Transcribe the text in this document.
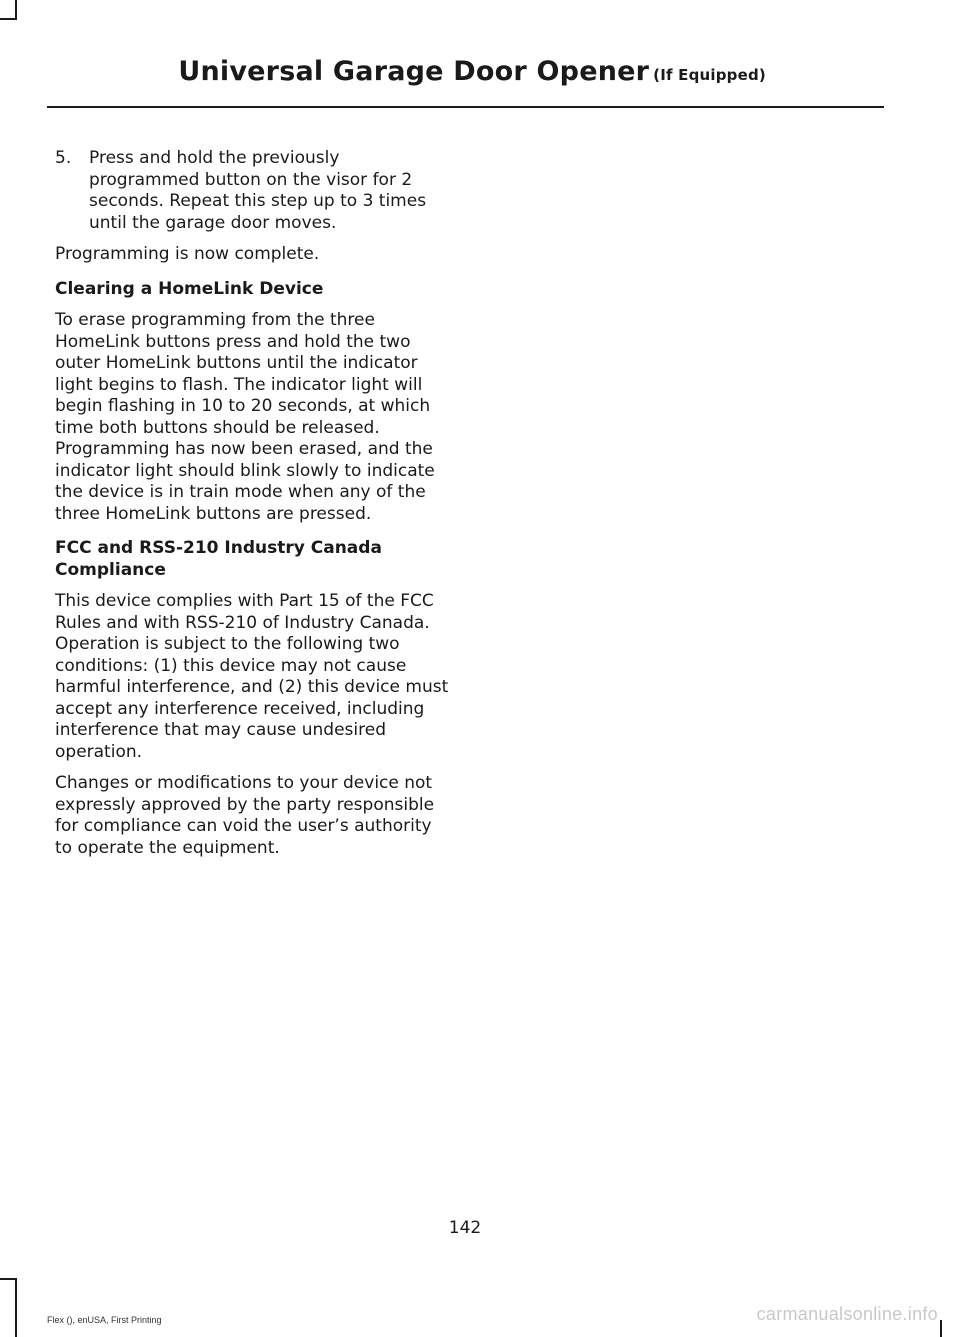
Universal Garage Door Opener (If Equipped)
5.	Press and hold the previously programmed button on the visor for 2 seconds. Repeat this step up to 3 times until the garage door moves.

Programming is now complete.

Clearing a HomeLink Device

To erase programming from the three HomeLink buttons press and hold the two outer HomeLink buttons until the indicator light begins to flash. The indicator light will begin flashing in 10 to 20 seconds, at which time both buttons should be released. Programming has now been erased, and the indicator light should blink slowly to indicate the device is in train mode when any of the three HomeLink buttons are pressed.

FCC and RSS-210 Industry Canada Compliance

This device complies with Part 15 of the FCC Rules and with RSS-210 of Industry Canada. Operation is subject to the following two conditions: (1) this device may not cause harmful interference, and (2) this device must accept any interference received, including interference that may cause undesired operation.

Changes or modifications to your device not expressly approved by the party responsible for compliance can void the user’s authority to operate the equipment.

142
Flex (), enUSA, First Printing	carmanualsonline.info
